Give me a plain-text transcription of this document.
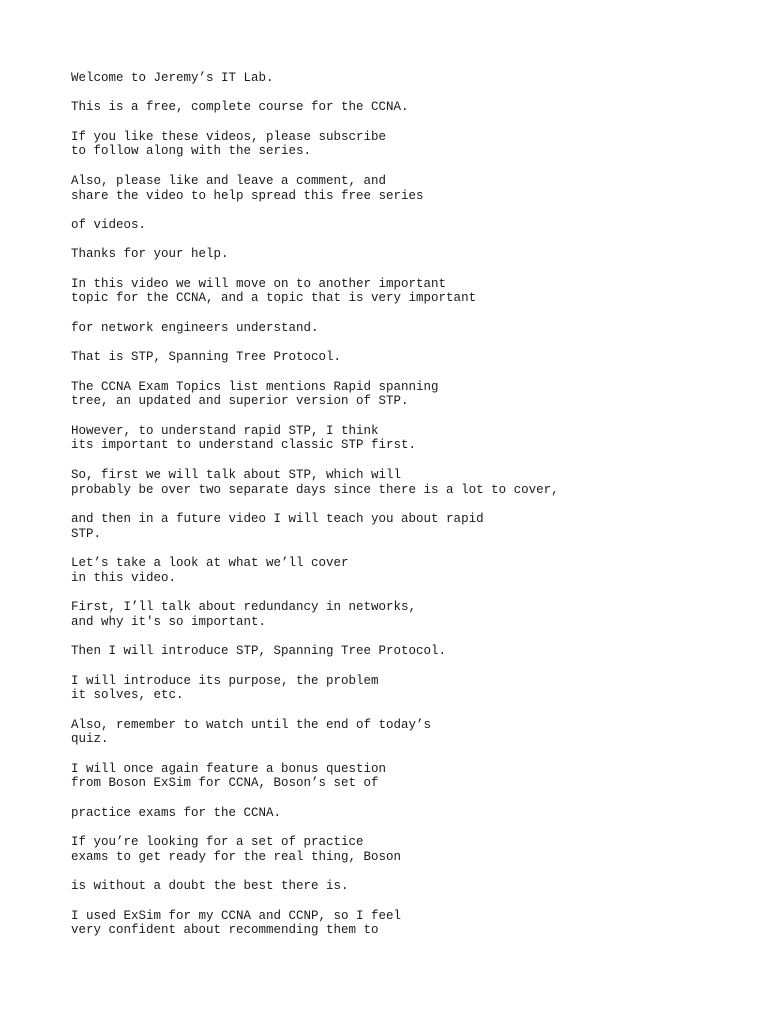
Welcome to Jeremy’s IT Lab.

This is a free, complete course for the CCNA.

If you like these videos, please subscribe
to follow along with the series.

Also, please like and leave a comment, and
share the video to help spread this free series

of videos.

Thanks for your help.

In this video we will move on to another important
topic for the CCNA, and a topic that is very important

for network engineers understand.

That is STP, Spanning Tree Protocol.

The CCNA Exam Topics list mentions Rapid spanning
tree, an updated and superior version of STP.

However, to understand rapid STP, I think
its important to understand classic STP first.

So, first we will talk about STP, which will
probably be over two separate days since there is a lot to cover,

and then in a future video I will teach you about rapid
STP.

Let’s take a look at what we’ll cover
in this video.

First, I’ll talk about redundancy in networks,
and why it's so important.

Then I will introduce STP, Spanning Tree Protocol.

I will introduce its purpose, the problem
it solves, etc.

Also, remember to watch until the end of today’s
quiz.

I will once again feature a bonus question
from Boson ExSim for CCNA, Boson’s set of

practice exams for the CCNA.

If you’re looking for a set of practice
exams to get ready for the real thing, Boson

is without a doubt the best there is.

I used ExSim for my CCNA and CCNP, so I feel
very confident about recommending them to
